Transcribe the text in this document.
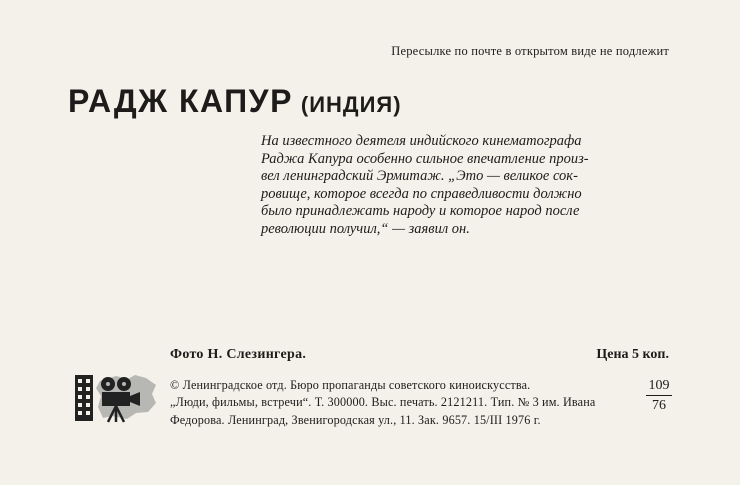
Пересылке по почте в открытом виде не подлежит
РАДЖ КАПУР (ИНДИЯ)
На известного деятеля индийского кинематографа
Раджа Капура особенно сильное впечатление произ-
вел ленинградский Эрмитаж. „Это — великое сок-
ровище, которое всегда по справедливости должно
было принадлежать народу и которое народ после
революции получил,“ — заявил он.
Фото Н. Слезингера.	Цена 5 коп.
© Ленинградское отд. Бюро пропаганды советского киноискусства.
„Люди, фильмы, встречи“. Т. 300000. Выс. печать. 2121211. Тип. № 3 им. Ивана
Федорова. Ленинград, Звенигородская ул., 11. Зак. 9657. 15/III 1976 г.
109
76
